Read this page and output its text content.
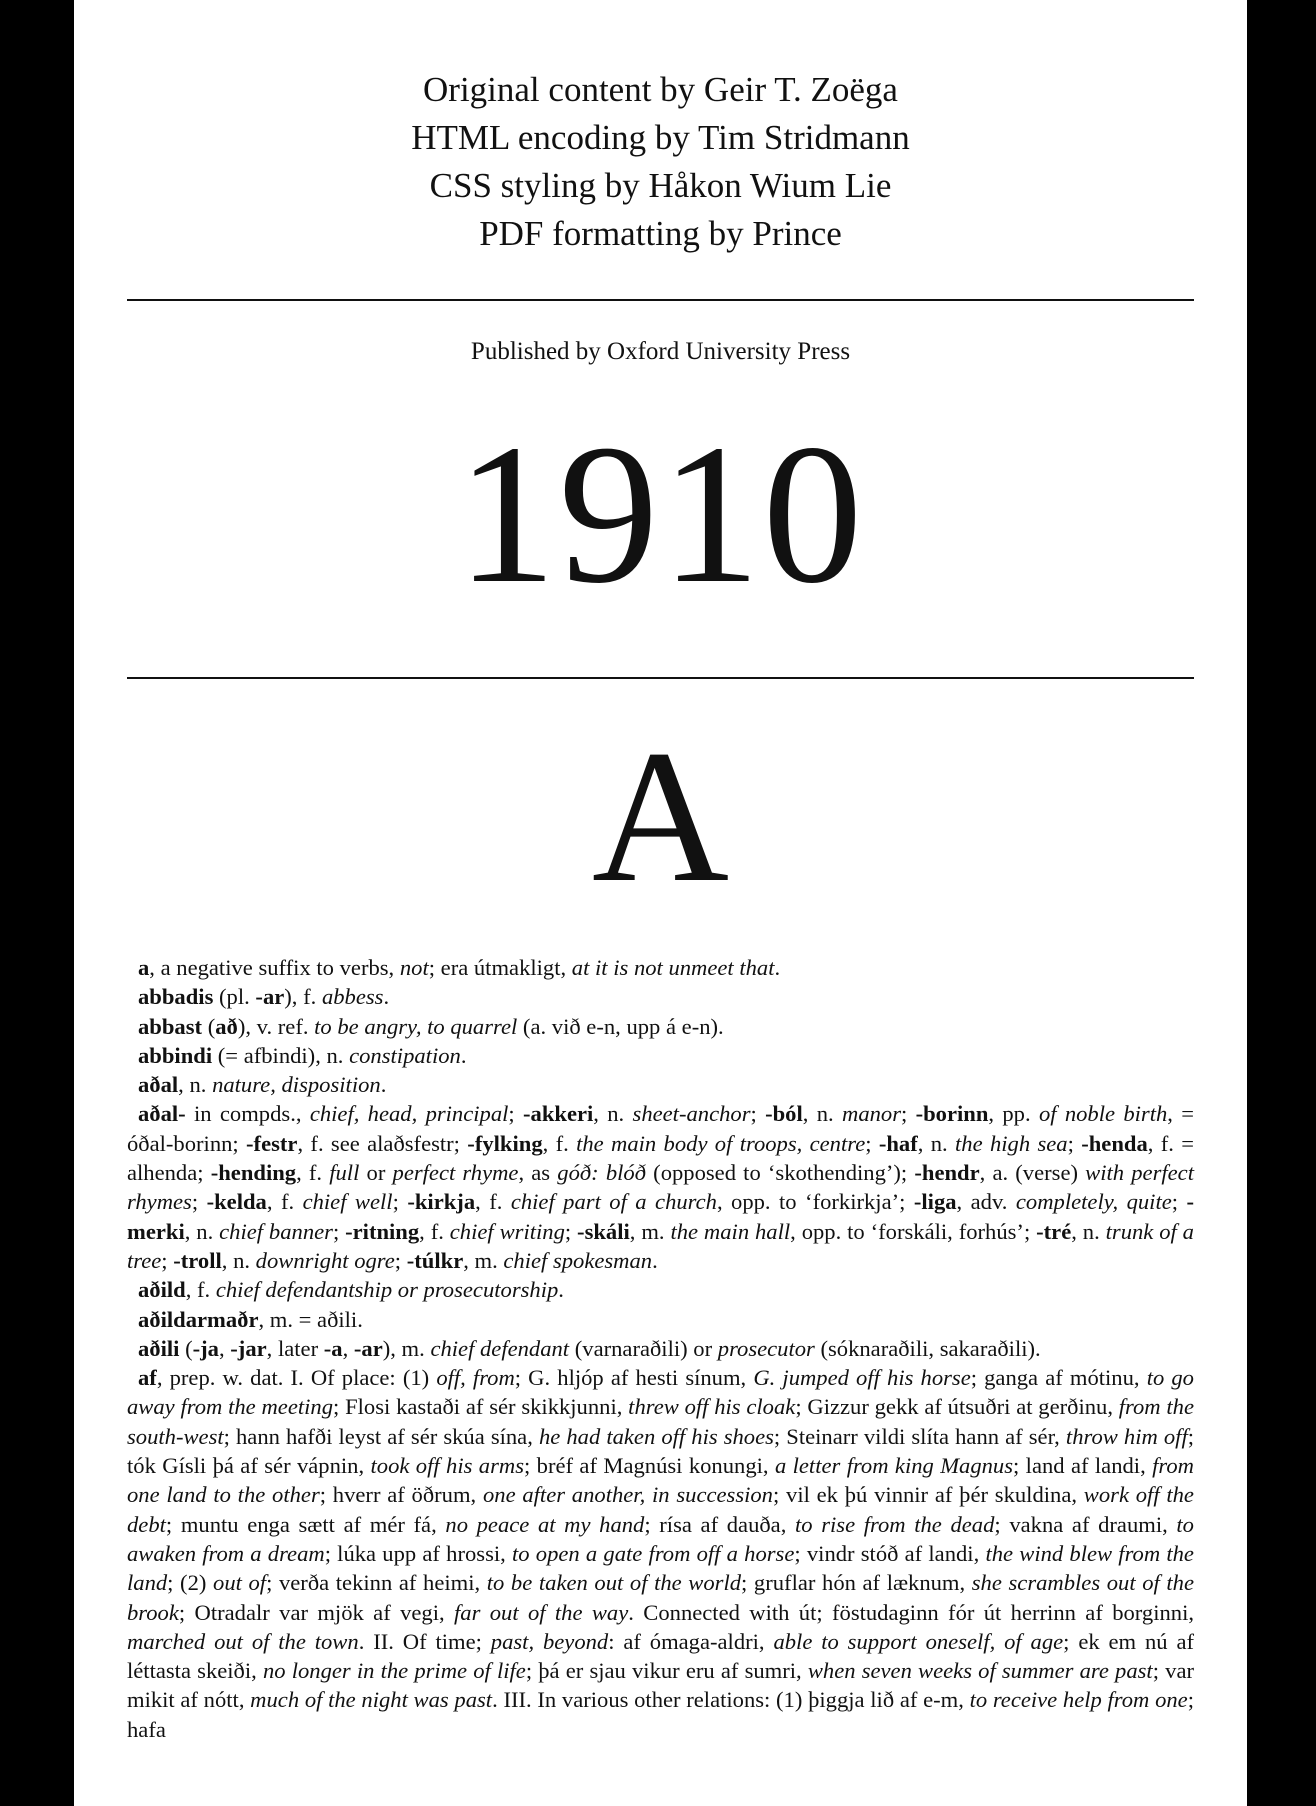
Original content by Geir T. Zoëga
HTML encoding by Tim Stridmann
CSS styling by Håkon Wium Lie
PDF formatting by Prince
Published by Oxford University Press
1910
A

a, a negative suffix to verbs, not; era útmakligt, at it is not unmeet that.

abbadis (pl. -ar), f. abbess.

abbast (að), v. ref. to be angry, to quarrel (a. við e-n, upp á e-n).

abbindi (= afbindi), n. constipation.

aðal, n. nature, disposition.

aðal- in compds., chief, head, principal; -akkeri, n. sheet-anchor; -ból, n. manor; -borinn, pp. of noble birth, = óðal-borinn; -festr, f. see alaðsfestr; -fylking, f. the main body of troops, centre; -haf, n. the high sea; -henda, f. = alhenda; -hending, f. full or perfect rhyme, as góð: blóð (opposed to ‘skothending’); -hendr, a. (verse) with perfect rhymes; -kelda, f. chief well; -kirkja, f. chief part of a church, opp. to ‘forkirkja’; -liga, adv. completely, quite; -merki, n. chief banner; -ritning, f. chief writing; -skáli, m. the main hall, opp. to ‘forskáli, forhús’; -tré, n. trunk of a tree; -troll, n. downright ogre; -túlkr, m. chief spokesman.

aðild, f. chief defendantship or prosecutorship.

aðildarmaðr, m. = aðili.

aðili (-ja, -jar, later -a, -ar), m. chief defendant (varnaraðili) or prosecutor (sóknaraðili, sakaraðili).

af, prep. w. dat. I. Of place: (1) off, from; G. hljóp af hesti sínum, G. jumped off his horse; ganga af mótinu, to go away from the meeting; Flosi kastaði af sér skikkjunni, threw off his cloak; Gizzur gekk af útsuðri at gerðinu, from the south-west; hann hafði leyst af sér skúa sína, he had taken off his shoes; Steinarr vildi slíta hann af sér, throw him off; tók Gísli þá af sér vápnin, took off his arms; bréf af Magnúsi konungi, a letter from king Magnus; land af landi, from one land to the other; hverr af öðrum, one after another, in succession; vil ek þú vinnir af þér skuldina, work off the debt; muntu enga sætt af mér fá, no peace at my hand; rísa af dauða, to rise from the dead; vakna af draumi, to awaken from a dream; lúka upp af hrossi, to open a gate from off a horse; vindr stóð af landi, the wind blew from the land; (2) out of; verða tekinn af heimi, to be taken out of the world; gruflar hón af læknum, she scrambles out of the brook; Otradalr var mjök af vegi, far out of the way. Connected with út; föstudaginn fór út herrinn af borginni, marched out of the town. II. Of time; past, beyond: af ómaga-aldri, able to support oneself, of age; ek em nú af léttasta skeiði, no longer in the prime of life; þá er sjau vikur eru af sumri, when seven weeks of summer are past; var mikit af nótt, much of the night was past. III. In various other relations: (1) þiggja lið af e-m, to receive help from one; hafa
